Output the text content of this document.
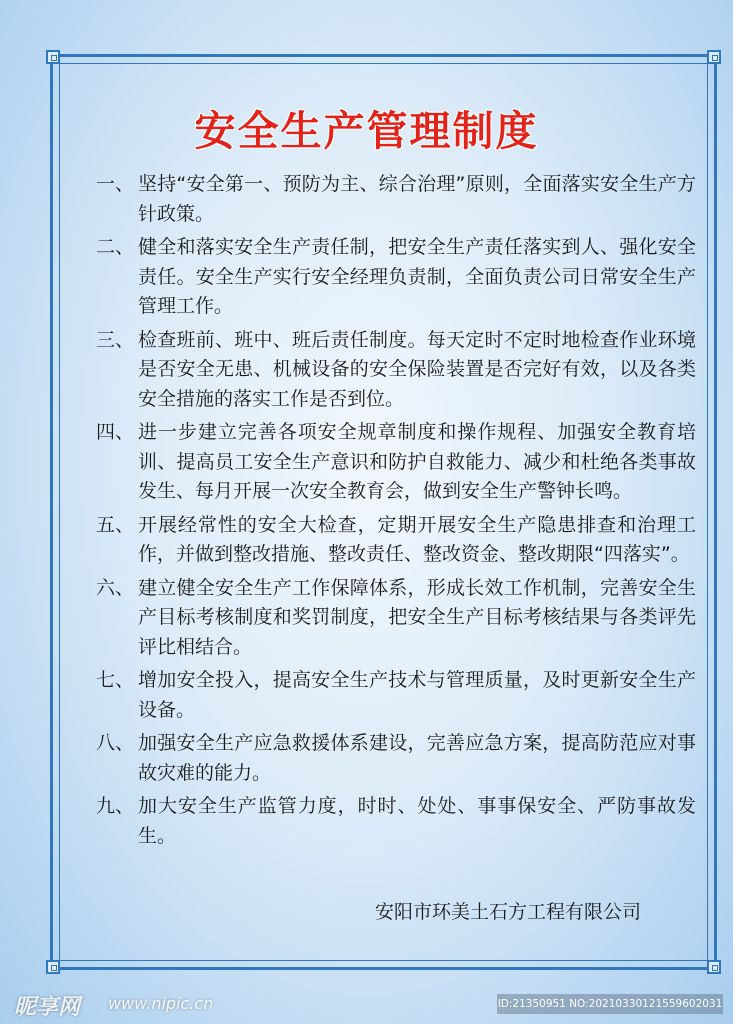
安全生产管理制度
一、 坚持“安全第一、预防为主、综合治理”原则，全面落实安全生产方针政策。
二、 健全和落实安全生产责任制，把安全生产责任落实到人、强化安全责任。安全生产实行安全经理负责制，全面负责公司日常安全生产管理工作。
三、 检查班前、班中、班后责任制度。每天定时不定时地检查作业环境是否安全无患、机械设备的安全保险装置是否完好有效，以及各类安全措施的落实工作是否到位。
四、 进一步建立完善各项安全规章制度和操作规程、加强安全教育培训、提高员工安全生产意识和防护自救能力、减少和杜绝各类事故发生、每月开展一次安全教育会，做到安全生产警钟长鸣。
五、 开展经常性的安全大检查，定期开展安全生产隐患排查和治理工作，并做到整改措施、整改责任、整改资金、整改期限“四落实”。
六、 建立健全安全生产工作保障体系，形成长效工作机制，完善安全生产目标考核制度和奖罚制度，把安全生产目标考核结果与各类评先评比相结合。
七、 增加安全投入，提高安全生产技术与管理质量，及时更新安全生产设备。
八、 加强安全生产应急救援体系建设，完善应急方案，提高防范应对事故灾难的能力。
九、 加大安全生产监管力度，时时、处处、事事保安全、严防事故发生。
安阳市环美土石方工程有限公司
昵享网 www.nipic.cn	ID:21350951 NO:20210330121559602031
